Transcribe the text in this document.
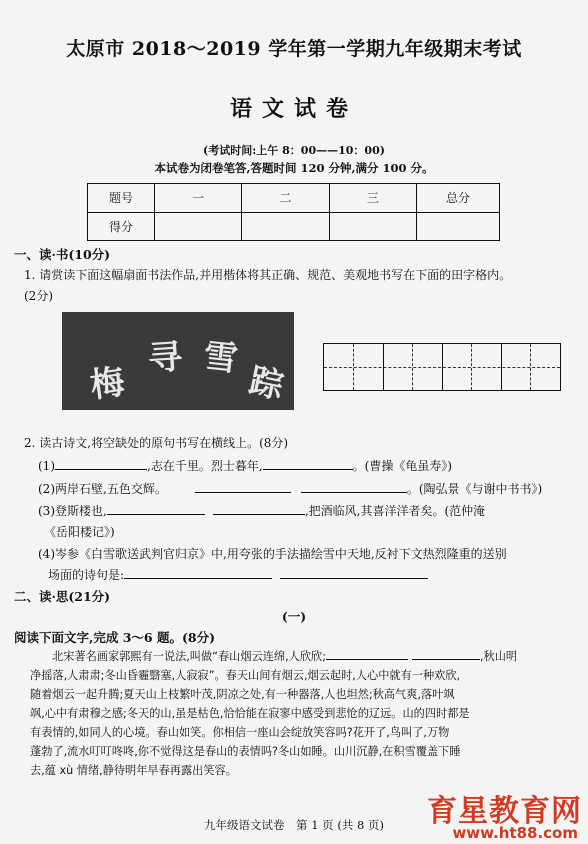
太原市 2018～2019 学年第一学期九年级期末考试
语文试卷
(考试时间:上午 8：00——10：00)
本试卷为闭卷笔答,答题时间 120 分钟,满分 100 分。
题号	一	二	三	总分
得分				
一、读·书(10分)
1. 请赏读下面这幅扇面书法作品,并用楷体将其正确、规范、美观地书写在下面的田字格内。
(2分)
梅
寻 雪
踪
2. 读古诗文,将空缺处的原句书写在横线上。(8分)
(1)	,志在千里。烈士暮年,	。(曹操《龟虽寿》)
(2)两岸石壁,五色交辉。	。(陶弘景《与谢中书书》)
(3)登斯楼也,	,把酒临风,其喜洋洋者矣。(范仲淹
《岳阳楼记》)
(4)岑参《白雪歌送武判官归京》中,用夸张的手法描绘雪中天地,反衬下文热烈隆重的送别
场面的诗句是:
二、读·思(21分)
(一)
阅读下面文字,完成 3～6 题。(8分)
北宋著名画家郭熙有一说法,叫做“春山烟云连绵,人欣欣;	,秋山明
净摇落,人肃肃;冬山昏霾翳塞,人寂寂”。春天山间有烟云,烟云起时,人心中就有一种欢欣,
随着烟云一起升腾;夏天山上枝繁叶茂,阴凉之处,有一种器落,人也坦然;秋高气爽,落叶飒
飒,心中有肃穆之感;冬天的山,虽是枯色,恰恰能在寂寥中感受到悲怆的辽远。山的四时都是
有表情的,如同人的心境。春山如笑。你相信一座山会绽放笑容吗?花开了,鸟叫了,万物
蓬勃了,流水叮叮咚咚,你不觉得这是春山的表情吗?冬山如睡。山川沉静,在积雪覆盖下睡
去,蕴 xù 情绪,静待明年早春再露出笑容。
九年级语文试卷　第 1 页 (共 8 页)	育星教育网
www.ht88.com
